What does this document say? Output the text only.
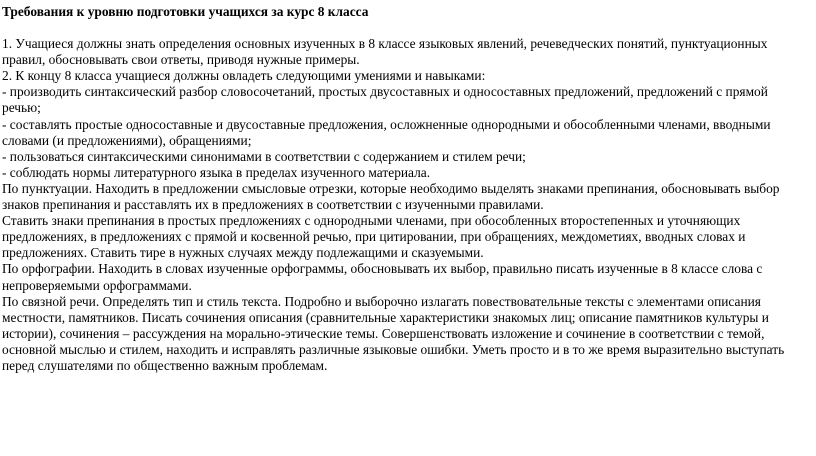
Требования к уровню подготовки учащихся за курс 8 класса

1. Учащиеся должны знать определения основных изученных в 8 классе языковых явлений, речеведческих понятий, пунктуационных правил, обосновывать свои ответы, приводя нужные примеры.

2. К концу 8 класса учащиеся должны овладеть следующими умениями и навыками:

- производить синтаксический разбор словосочетаний, простых двусоставных и односоставных предложений, предложений с прямой речью;

- составлять простые односоставные и двусоставные предложения, осложненные однородными и обособленными членами, вводными словами (и предложениями), обращениями;

- пользоваться синтаксическими синонимами в соответствии с содержанием и стилем речи;

- соблюдать нормы литературного языка в пределах изученного материала.

По пунктуации. Находить в предложении смысловые отрезки, которые необходимо выделять знаками препинания, обосновывать выбор знаков препинания и расставлять их в предложениях в соответствии с изученными правилами.

Ставить знаки препинания в простых предложениях с однородными членами, при обособленных второстепенных и уточняющих предложениях, в предложениях с прямой и косвенной речью, при цитировании, при обращениях, междометиях, вводных словах и предложениях. Ставить тире в нужных случаях между подлежащими и сказуемыми.

По орфографии. Находить в словах изученные орфограммы, обосновывать их выбор, правильно писать изученные в 8 классе слова с непроверяемыми орфограммами.

По связной речи. Определять тип и стиль текста. Подробно и выборочно излагать повествовательные тексты с элементами описания местности, памятников. Писать сочинения описания (сравнительные характеристики знакомых лиц; описание памятников культуры и истории), сочинения – рассуждения на морально-этические темы. Совершенствовать изложение и сочинение в соответствии с темой, основной мыслью и стилем, находить и исправлять различные языковые ошибки. Уметь просто и в то же время выразительно выступать перед слушателями по общественно важным проблемам.
